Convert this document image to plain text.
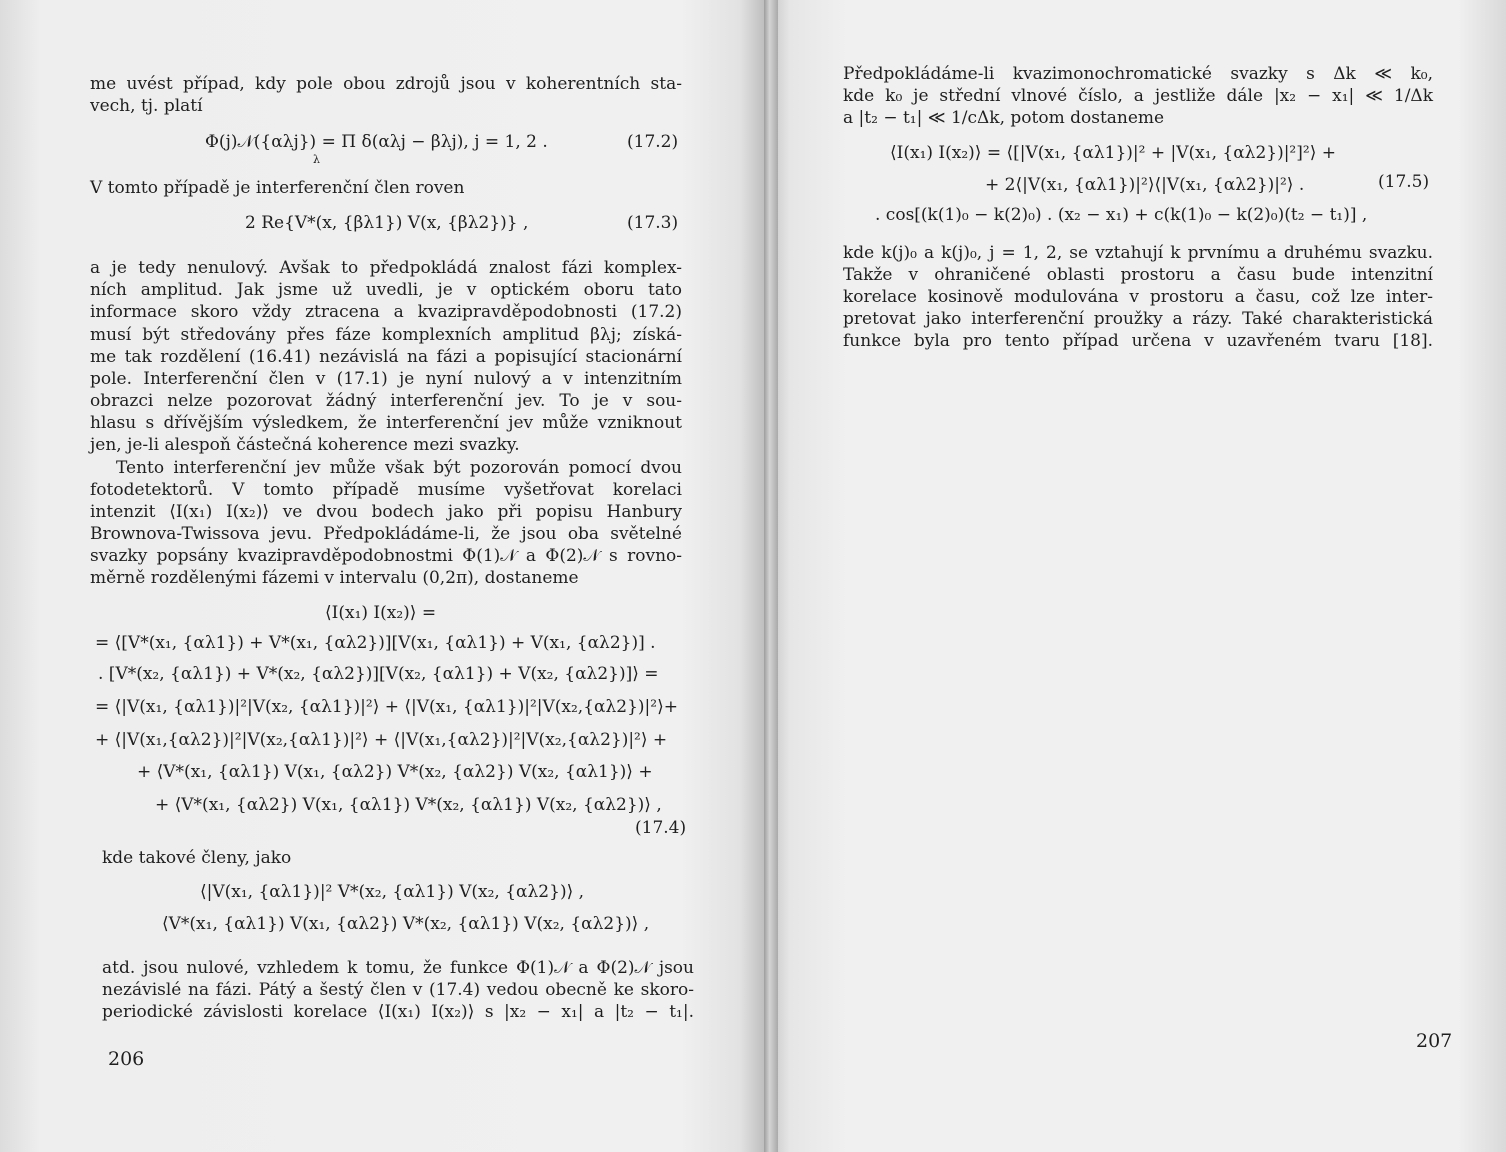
me uvést případ, kdy pole obou zdrojů jsou v koherentních sta-
vech, tj. platí
Φ(j)𝒩({αλj}) = Π δ(αλj − βλj), j = 1, 2 .
λ
(17.2)
V tomto případě je interferenční člen roven
2 Re{V*(x, {βλ1}) V(x, {βλ2})} ,	(17.3)
a je tedy nenulový. Avšak to předpokládá znalost fázi komplex-
ních amplitud. Jak jsme už uvedli, je v optickém oboru tato
informace skoro vždy ztracena a kvazipravděpodobnosti (17.2)
musí být středovány přes fáze komplexních amplitud βλj; získá-
me tak rozdělení (16.41) nezávislá na fázi a popisující stacionární
pole. Interferenční člen v (17.1) je nyní nulový a v intenzitním
obrazci nelze pozorovat žádný interferenční jev. To je v sou-
hlasu s dřívějším výsledkem, že interferenční jev může vzniknout
jen, je-li alespoň částečná koherence mezi svazky.
Tento interferenční jev může však být pozorován pomocí dvou
fotodetektorů. V tomto případě musíme vyšetřovat korelaci
intenzit ⟨I(x₁) I(x₂)⟩ ve dvou bodech jako při popisu Hanbury
Brownova-Twissova jevu. Předpokládáme-li, že jsou oba světelné
svazky popsány kvazipravděpodobnostmi Φ(1)𝒩 a Φ(2)𝒩 s rovno-
měrně rozdělenými fázemi v intervalu (0,2π), dostaneme
⟨I(x₁) I(x₂)⟩ =
= ⟨[V*(x₁, {αλ1}) + V*(x₁, {αλ2})][V(x₁, {αλ1}) + V(x₁, {αλ2})] .
. [V*(x₂, {αλ1}) + V*(x₂, {αλ2})][V(x₂, {αλ1}) + V(x₂, {αλ2})]⟩ =
= ⟨|V(x₁, {αλ1})|²|V(x₂, {αλ1})|²⟩ + ⟨|V(x₁, {αλ1})|²|V(x₂,{αλ2})|²⟩+
+ ⟨|V(x₁,{αλ2})|²|V(x₂,{αλ1})|²⟩ + ⟨|V(x₁,{αλ2})|²|V(x₂,{αλ2})|²⟩ +
+ ⟨V*(x₁, {αλ1}) V(x₁, {αλ2}) V*(x₂, {αλ2}) V(x₂, {αλ1})⟩ +
+ ⟨V*(x₁, {αλ2}) V(x₁, {αλ1}) V*(x₂, {αλ1}) V(x₂, {αλ2})⟩ ,
(17.4)
kde takové členy, jako
⟨|V(x₁, {αλ1})|² V*(x₂, {αλ1}) V(x₂, {αλ2})⟩ ,
⟨V*(x₁, {αλ1}) V(x₁, {αλ2}) V*(x₂, {αλ1}) V(x₂, {αλ2})⟩ ,
atd. jsou nulové, vzhledem k tomu, že funkce Φ(1)𝒩 a Φ(2)𝒩 jsou
nezávislé na fázi. Pátý a šestý člen v (17.4) vedou obecně ke skoro-
periodické závislosti korelace ⟨I(x₁) I(x₂)⟩ s |x₂ − x₁| a |t₂ − t₁|.
206
Předpokládáme-li kvazimonochromatické svazky s Δk ≪ k₀,
kde k₀ je střední vlnové číslo, a jestliže dále |x₂ − x₁| ≪ 1/Δk
a |t₂ − t₁| ≪ 1/cΔk, potom dostaneme
⟨I(x₁) I(x₂)⟩ = ⟨[|V(x₁, {αλ1})|² + |V(x₁, {αλ2})|²]²⟩ +
+ 2⟨|V(x₁, {αλ1})|²⟩⟨|V(x₁, {αλ2})|²⟩ .	(17.5)
. cos[(k(1)₀ − k(2)₀) . (x₂ − x₁) + c(k(1)₀ − k(2)₀)(t₂ − t₁)] ,
kde k(j)₀ a k(j)₀, j = 1, 2, se vztahují k prvnímu a druhému svazku.
Takže v ohraničené oblasti prostoru a času bude intenzitní
korelace kosinově modulována v prostoru a času, což lze inter-
pretovat jako interferenční proužky a rázy. Také charakteristická
funkce byla pro tento případ určena v uzavřeném tvaru [18].
207
